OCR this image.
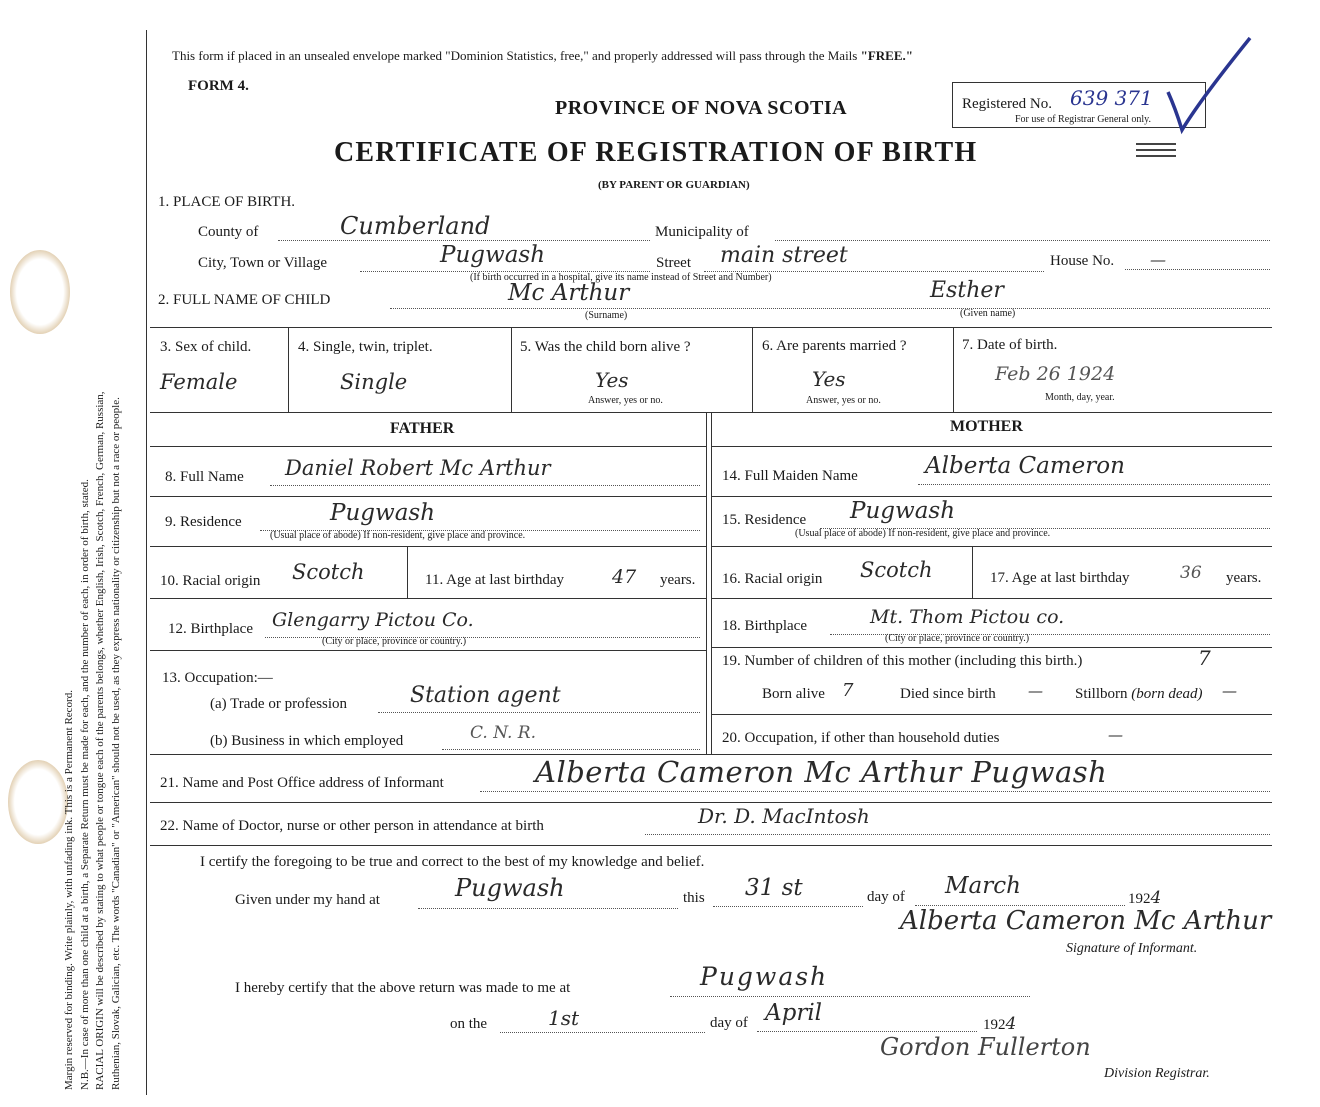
Margin reserved for binding. Write plainly, with unfading ink. This is a Permanent Record. N.B.—In case of more than one child at a birth, a Separate Return must be made for each, and the number of each, in order of birth, stated. RACIAL ORIGIN will be described by stating to what people or tongue each of the parents belongs, whether English, Irish, Scotch, French, German, Russian, Ruthenian, Slovak, Galician, etc. The words "Canadian" or "American" should not be used, as they express nationality or citizenship but not a race or people.
This form if placed in an unsealed envelope marked "Dominion Statistics, free," and properly addressed will pass through the Mails "FREE."
FORM 4.
PROVINCE OF NOVA SCOTIA
CERTIFICATE OF REGISTRATION OF BIRTH
(BY PARENT OR GUARDIAN)
Registered No. 639 371
For use of Registrar General only.
1. PLACE OF BIRTH.
County of	Cumberland	Municipality of
City, Town or Village	Pugwash	Street main street	House No. —
(If birth occurred in a hospital, give its name instead of Street and Number)
2. FULL NAME OF CHILD	Mc Arthur
(Surname)
Esther
(Given name)
3. Sex of child.
Female
4. Single, twin, triplet.
Single
5. Was the child born alive ?
Yes
Answer, yes or no.
6. Are parents married ?
Yes
Answer, yes or no.
7. Date of birth.
Feb 26 1924
Month, day, year.
FATHER	MOTHER
8. Full Name Daniel Robert Mc Arthur
9. Residence	Pugwash
(Usual place of abode) If non-resident, give place and province.
10. Racial origin Scotch	11. Age at last birthday	47 years.
12. Birthplace Glengarry Pictou Co.
(City or place, province or country.)
13. Occupation:—
(a) Trade or profession	Station agent
(b) Business in which employed	C. N. R.
14. Full Maiden Name	Alberta Cameron
15. Residence Pugwash
(Usual place of abode) If non-resident, give place and province.
16. Racial origin Scotch	17. Age at last birthday	36 years.
18. Birthplace	Mt. Thom Pictou co.
(City or place, province or country.)
19. Number of children of this mother (including this birth.)	7
Born alive 7	Died since birth — Stillborn (born dead) —
20. Occupation, if other than household duties	—
21. Name and Post Office address of Informant	Alberta Cameron Mc Arthur Pugwash
22. Name of Doctor, nurse or other person in attendance at birth	Dr. D. MacIntosh
I certify the foregoing to be true and correct to the best of my knowledge and belief.
Given under my hand at	Pugwash	this 31 st	day of March	1924
Alberta Cameron Mc Arthur
Signature of Informant.
I hereby certify that the above return was made to me at	Pugwash
on the	1st	day of April	1924
Gordon Fullerton
Division Registrar.
